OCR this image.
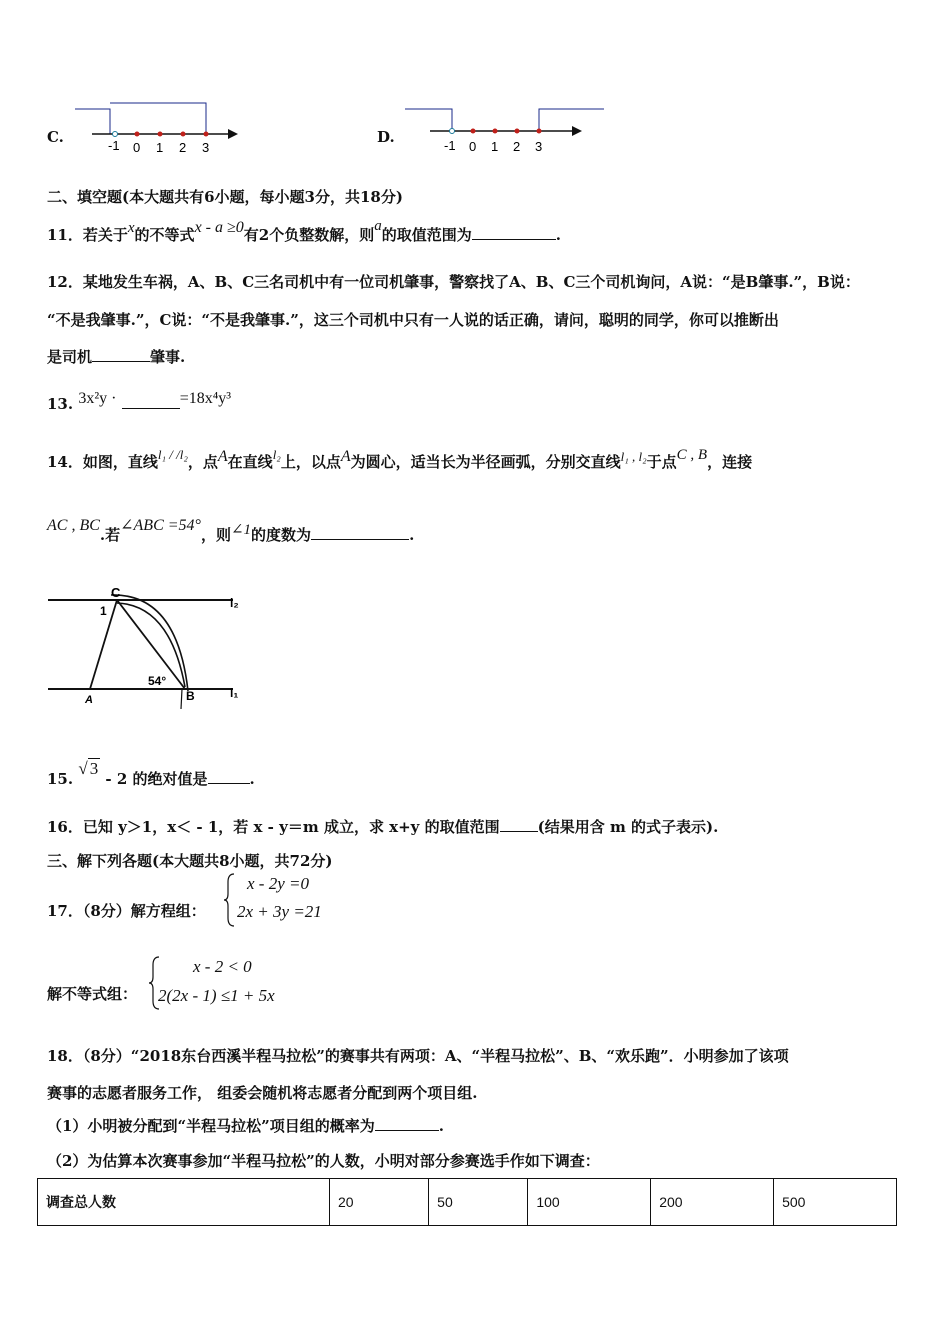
C.	-1 0 1 2 3
D.	-1 0 1 2 3
二、填空题(本大题共有6小题，每小题3分，共18分)
11．若关于x的不等式x - a ≥0有2个负整数解，则a的取值范围为	.
12．某地发生车祸，A、B、C三名司机中有一位司机肇事，警察找了A、B、C三个司机询问，A说：“是B肇事.”，B说：
“不是我肇事.”，C说：“不是我肇事.”，这三个司机中只有一人说的话正确，请问，聪明的同学，你可以推断出
是司机	肇事.
13. 3x²y ·	=18x⁴y³
14．如图，直线l₁ / /l₂，点A在直线l₂上，以点A为圆心，适当长为半径画弧，分别交直线l₁ , l₂于点C , B，连接
AC , BC.若∠ABC =54°，则∠1的度数为	.
C
l₂
1
54°
A	B	l₁
15. √ 3 - 2 的绝对值是	.
16．已知 y＞1，x＜ - 1，若 x - y＝m 成立，求 x+y 的取值范围	(结果用含 m 的式子表示).
三、解下列各题(本大题共8小题，共72分)
17．（8分）解方程组：
x - 2y =0
2x + 3y =21
解不等式组：
x - 2 < 0
2(2x - 1) ≤1 + 5x
18．（8分）“2018东台西溪半程马拉松”的赛事共有两项：A、“半程马拉松”、B、“欢乐跑”．小明参加了该项
赛事的志愿者服务工作， 组委会随机将志愿者分配到两个项目组.
（1）小明被分配到“半程马拉松”项目组的概率为	.
（2）为估算本次赛事参加“半程马拉松”的人数，小明对部分参赛选手作如下调查：
调查总人数	20	50	100	200	500
